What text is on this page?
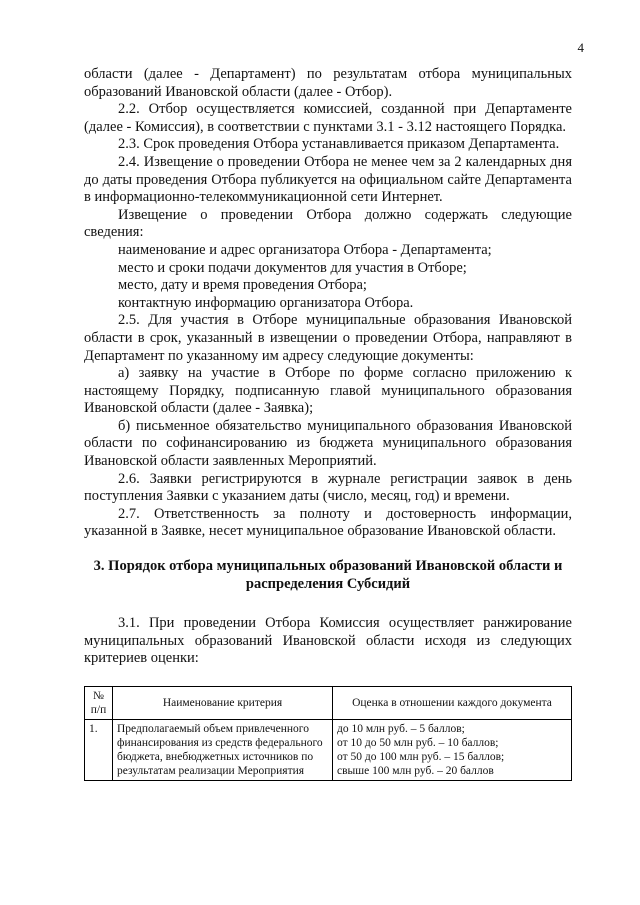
4

области (далее - Департамент) по результатам отбора муниципальных образований Ивановской области (далее - Отбор).

2.2. Отбор осуществляется комиссией, созданной при Департаменте (далее - Комиссия), в соответствии с пунктами 3.1 - 3.12 настоящего Порядка.

2.3. Срок проведения Отбора устанавливается приказом Департамента.

2.4. Извещение о проведении Отбора не менее чем за 2 календарных дня до даты проведения Отбора публикуется на официальном сайте Департамента в информационно-телекоммуникационной сети Интернет.

Извещение о проведении Отбора должно содержать следующие сведения:

наименование и адрес организатора Отбора - Департамента;

место и сроки подачи документов для участия в Отборе;

место, дату и время проведения Отбора;

контактную информацию организатора Отбора.

2.5. Для участия в Отборе муниципальные образования Ивановской области в срок, указанный в извещении о проведении Отбора, направляют в Департамент по указанному им адресу следующие документы:

а) заявку на участие в Отборе по форме согласно приложению к настоящему Порядку, подписанную главой муниципального образования Ивановской области (далее - Заявка);

б) письменное обязательство муниципального образования Ивановской области по софинансированию из бюджета муниципального образования Ивановской области заявленных Мероприятий.

2.6. Заявки регистрируются в журнале регистрации заявок в день поступления Заявки с указанием даты (число, месяц, год) и времени.

2.7. Ответственность за полноту и достоверность информации, указанной в Заявке, несет муниципальное образование Ивановской области.

3. Порядок отбора муниципальных образований Ивановской области и распределения Субсидий

3.1. При проведении Отбора Комиссия осуществляет ранжирование муниципальных образований Ивановской области исходя из следующих критериев оценки:

№ п/п	Наименование критерия	Оценка в отношении каждого документа
1.	Предполагаемый объем привлеченного финансирования из средств федерального бюджета, внебюджетных источников по результатам реализации Мероприятия	до 10 млн руб. – 5 баллов;
от 10 до 50 млн руб. – 10 баллов;
от 50 до 100 млн руб. – 15 баллов;
свыше 100 млн руб. – 20 баллов
